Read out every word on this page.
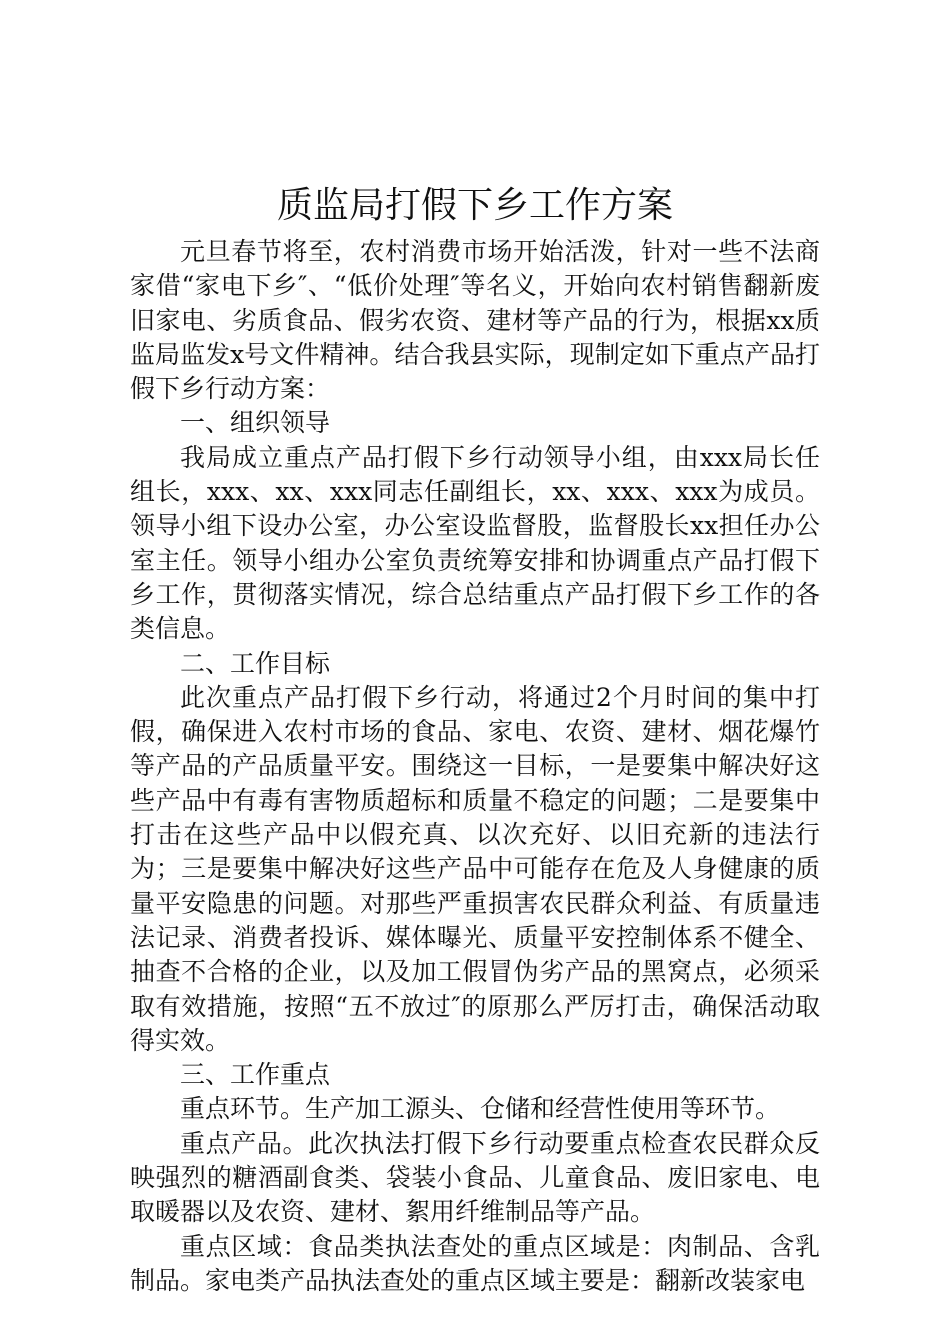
质监局打假下乡工作方案

元旦春节将至，农村消费市场开始活泼，针对一些不法商家借“家电下乡″、“低价处理″等名义，开始向农村销售翻新废旧家电、劣质食品、假劣农资、建材等产品的行为，根据xx质监局监发x号文件精神。结合我县实际，现制定如下重点产品打假下乡行动方案：

一、组织领导

我局成立重点产品打假下乡行动领导小组，由xxx局长任组长，xxx、xx、xxx同志任副组长，xx、xxx、xxx为成员。领导小组下设办公室，办公室设监督股，监督股长xx担任办公室主任。领导小组办公室负责统筹安排和协调重点产品打假下乡工作，贯彻落实情况，综合总结重点产品打假下乡工作的各类信息。

二、工作目标

此次重点产品打假下乡行动，将通过2个月时间的集中打假，确保进入农村市场的食品、家电、农资、建材、烟花爆竹等产品的产品质量平安。围绕这一目标，一是要集中解决好这些产品中有毒有害物质超标和质量不稳定的问题；二是要集中打击在这些产品中以假充真、以次充好、以旧充新的违法行为；三是要集中解决好这些产品中可能存在危及人身健康的质量平安隐患的问题。对那些严重损害农民群众利益、有质量违法记录、消费者投诉、媒体曝光、质量平安控制体系不健全、抽查不合格的企业，以及加工假冒伪劣产品的黑窝点，必须采取有效措施，按照“五不放过″的原那么严厉打击，确保活动取得实效。

三、工作重点

重点环节。生产加工源头、仓储和经营性使用等环节。

重点产品。此次执法打假下乡行动要重点检查农民群众反映强烈的糖酒副食类、袋装小食品、儿童食品、废旧家电、电取暖器以及农资、建材、絮用纤维制品等产品。

重点区域：食品类执法查处的重点区域是：肉制品、含乳制品。家电类产品执法查处的重点区域主要是：翻新改装家电
